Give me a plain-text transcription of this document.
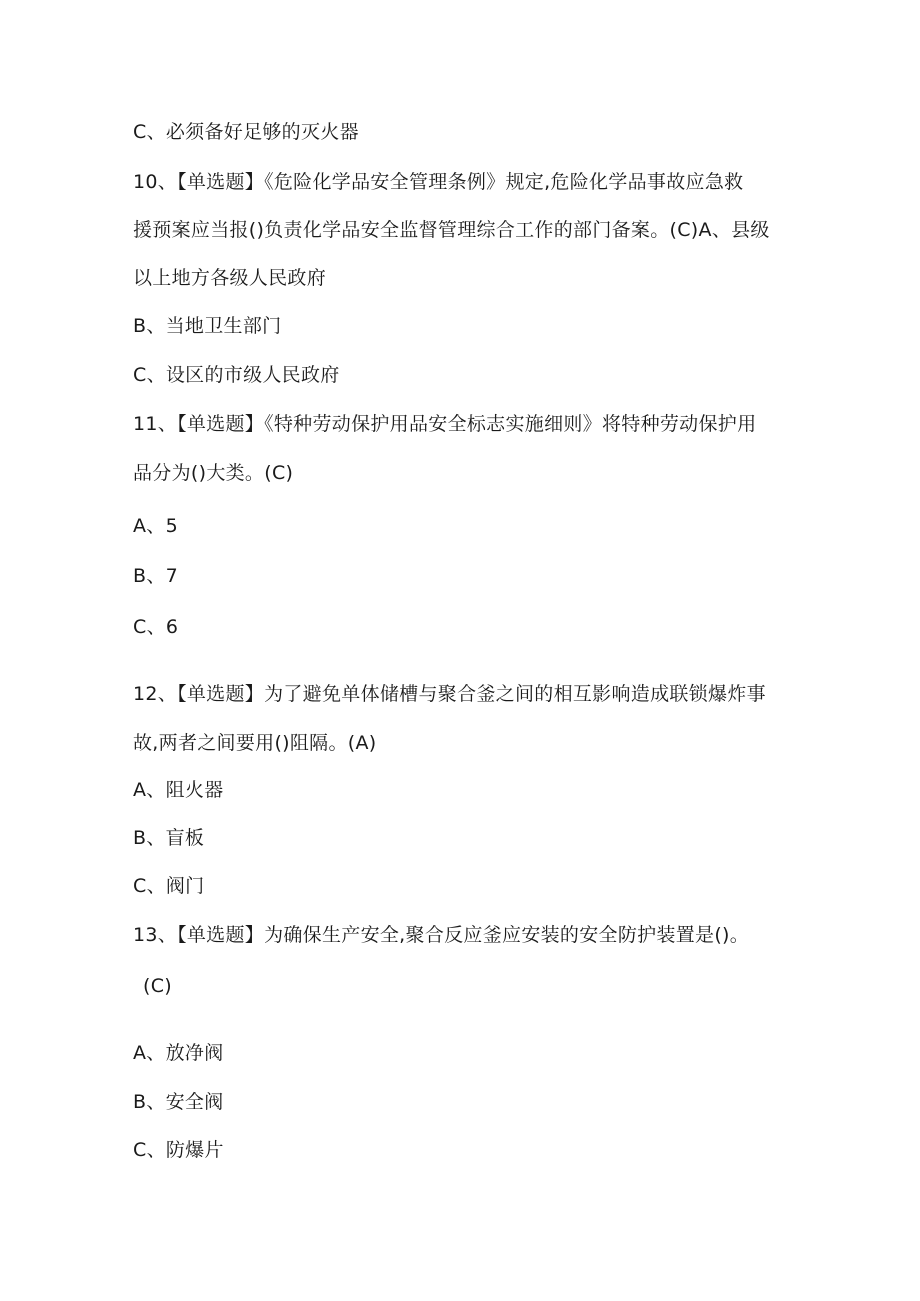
C、必须备好足够的灭火器
10、【单选题】《危险化学品安全管理条例》规定,危险化学品事故应急救
援预案应当报()负责化学品安全监督管理综合工作的部门备案。(C)A、县级
以上地方各级人民政府
B、当地卫生部门
C、设区的市级人民政府
11、【单选题】《特种劳动保护用品安全标志实施细则》将特种劳动保护用
品分为()大类。(C)
A、5
B、7
C、6
12、【单选题】为了避免单体储槽与聚合釜之间的相互影响造成联锁爆炸事
故,两者之间要用()阻隔。(A)
A、阻火器
B、盲板
C、阀门
13、【单选题】为确保生产安全,聚合反应釜应安装的安全防护装置是()。
(C)
A、放净阀
B、安全阀
C、防爆片
